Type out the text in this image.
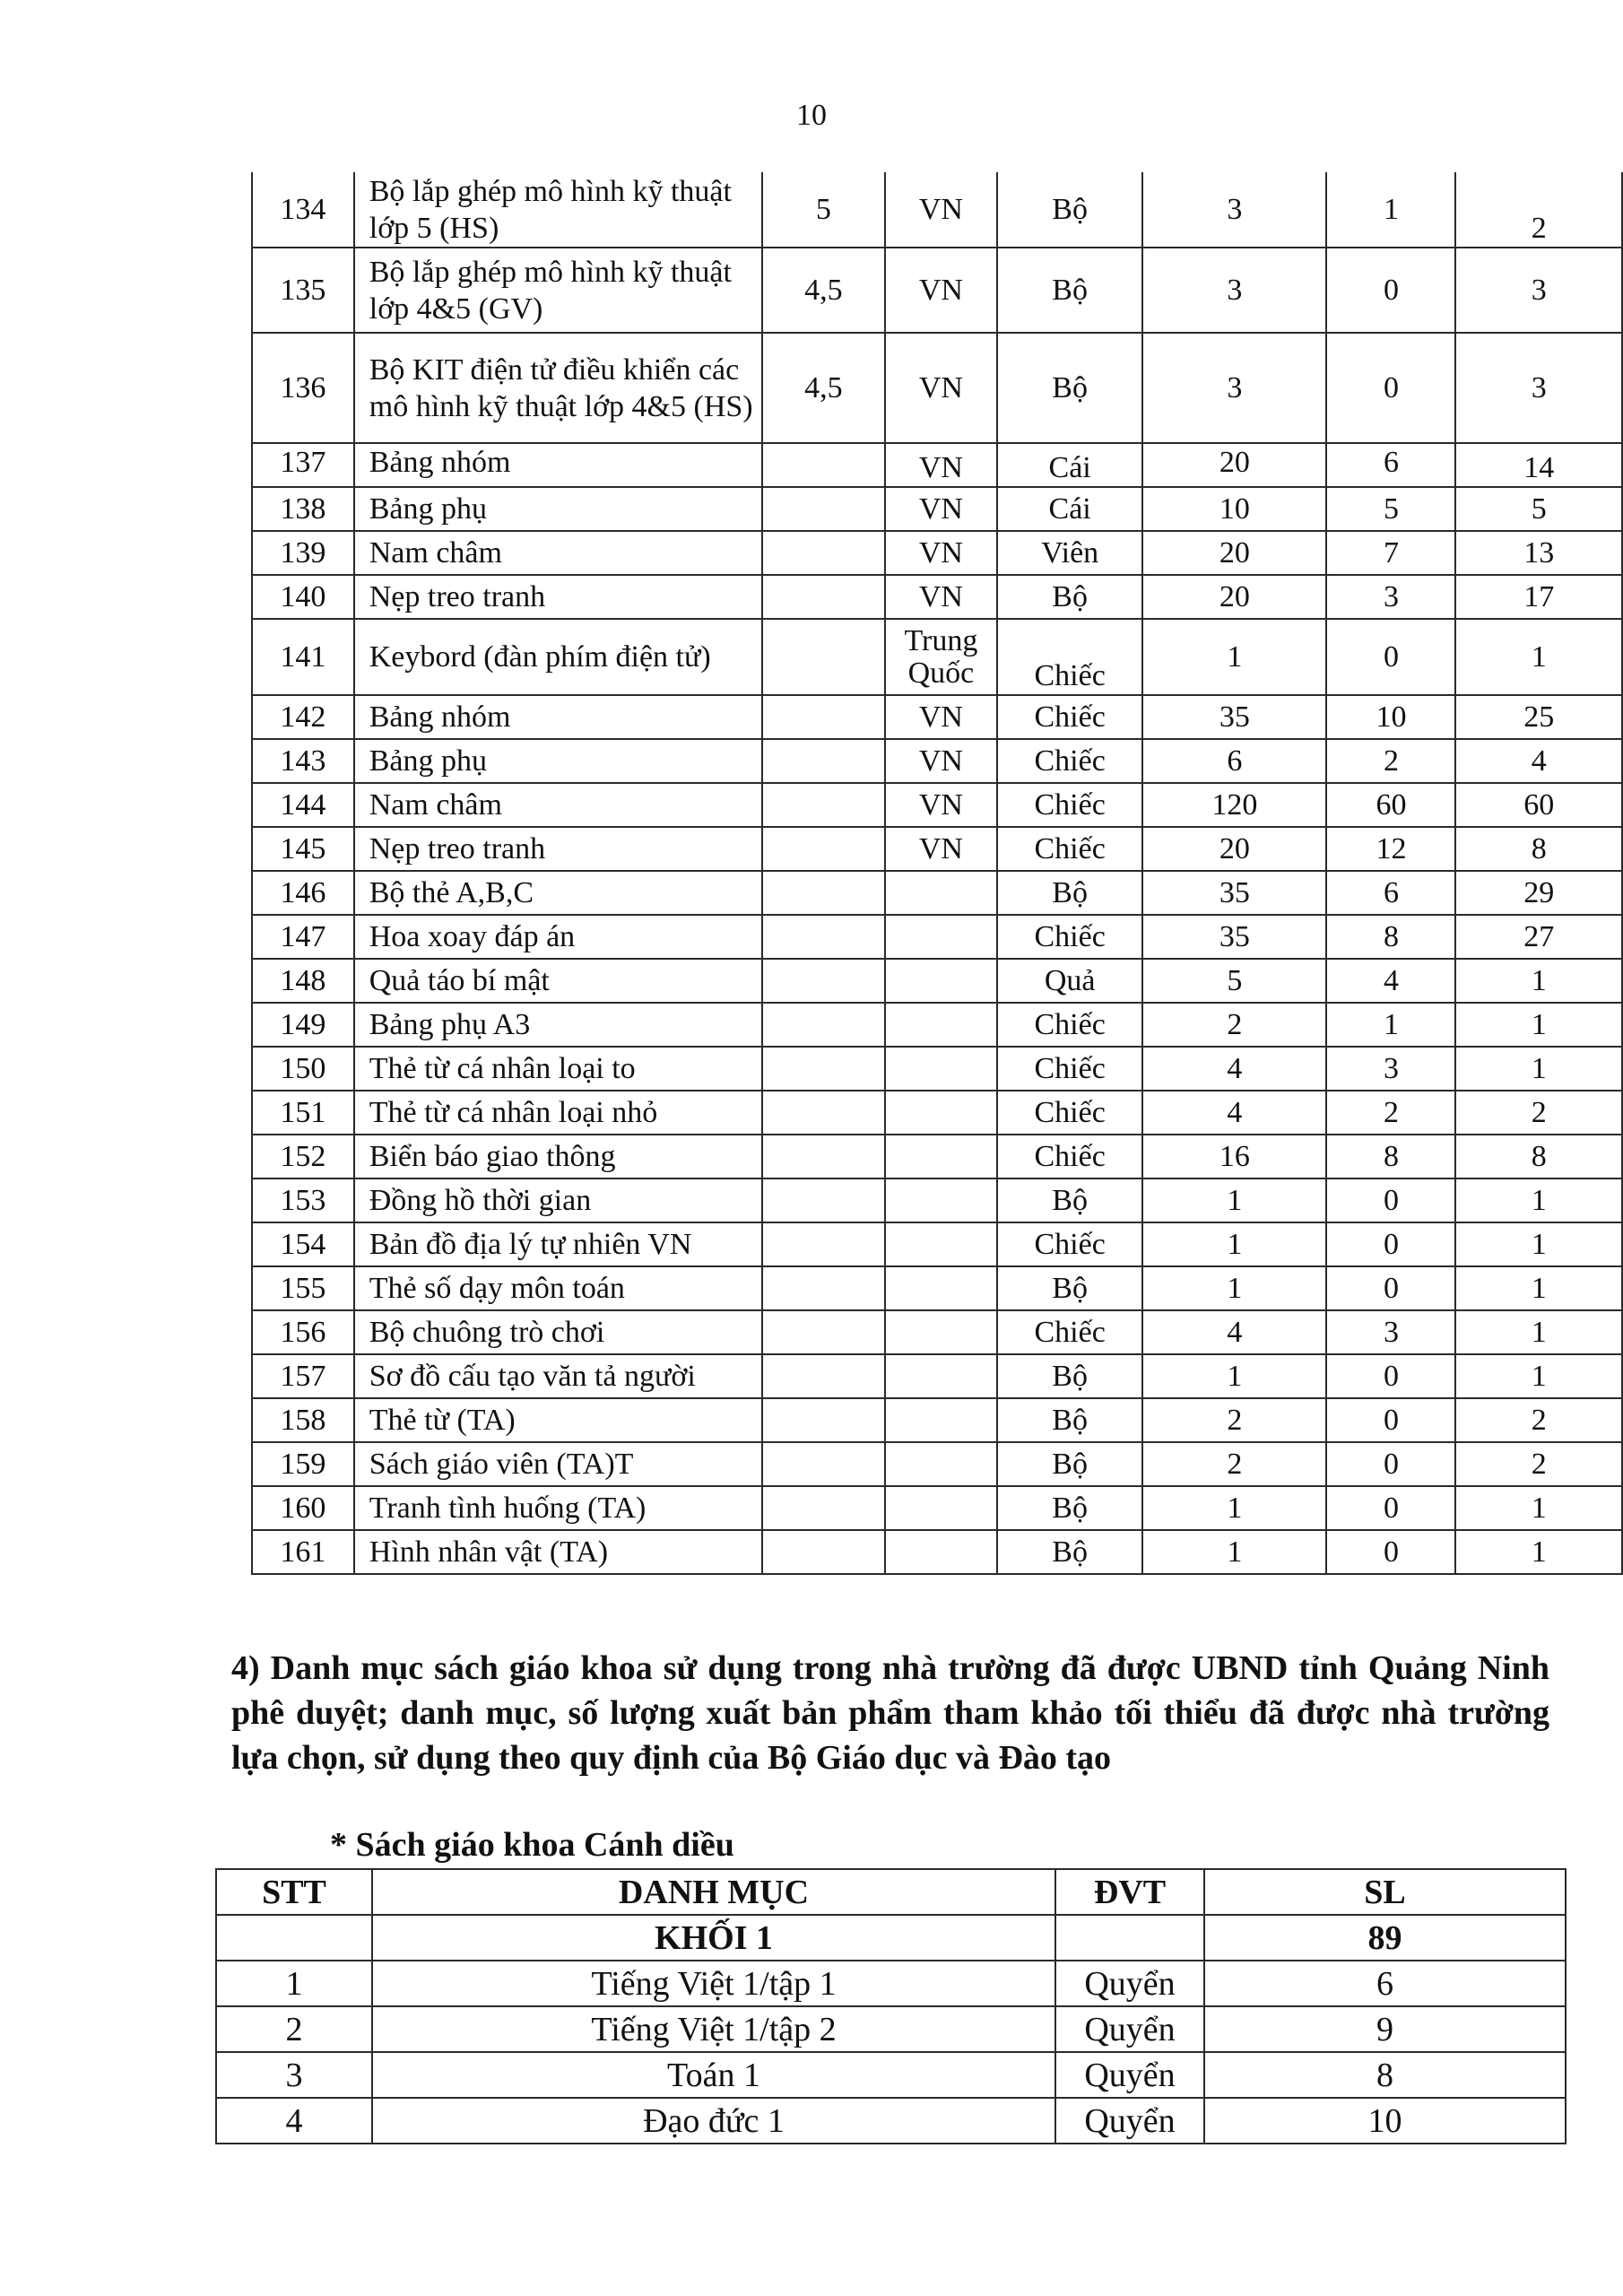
10
134	Bộ lắp ghép mô hình kỹ thuật lớp 5 (HS)	5	VN	Bộ	3	1	2
135	Bộ lắp ghép mô hình kỹ thuật lớp 4&5 (GV)	4,5	VN	Bộ	3	0	3
136	Bộ KIT điện tử điều khiển các mô hình kỹ thuật lớp 4&5 (HS)	4,5	VN	Bộ	3	0	3
137	Bảng nhóm		VN	Cái	20	6	14
138	Bảng phụ		VN	Cái	10	5	5
139	Nam châm		VN	Viên	20	7	13
140	Nẹp treo tranh		VN	Bộ	20	3	17
141	Keybord (đàn phím điện tử)		Trung Quốc	Chiếc	1	0	1
142	Bảng nhóm		VN	Chiếc	35	10	25
143	Bảng phụ		VN	Chiếc	6	2	4
144	Nam châm		VN	Chiếc	120	60	60
145	Nẹp treo tranh		VN	Chiếc	20	12	8
146	Bộ thẻ A,B,C			Bộ	35	6	29
147	Hoa xoay đáp án			Chiếc	35	8	27
148	Quả táo bí mật			Quả	5	4	1
149	Bảng phụ A3			Chiếc	2	1	1
150	Thẻ từ cá nhân loại to			Chiếc	4	3	1
151	Thẻ từ cá nhân loại nhỏ			Chiếc	4	2	2
152	Biển báo giao thông			Chiếc	16	8	8
153	Đồng hồ thời gian			Bộ	1	0	1
154	Bản đồ địa lý tự nhiên VN			Chiếc	1	0	1
155	Thẻ số dạy môn toán			Bộ	1	0	1
156	Bộ chuông trò chơi			Chiếc	4	3	1
157	Sơ đồ cấu tạo văn tả người			Bộ	1	0	1
158	Thẻ từ (TA)			Bộ	2	0	2
159	Sách giáo viên (TA)T			Bộ	2	0	2
160	Tranh tình huống (TA)			Bộ	1	0	1
161	Hình nhân vật (TA)			Bộ	1	0	1
4) Danh mục sách giáo khoa sử dụng trong nhà trường đã được UBND tỉnh Quảng Ninh phê duyệt; danh mục, số lượng xuất bản phẩm tham khảo tối thiểu đã được nhà trường lựa chọn, sử dụng theo quy định của Bộ Giáo dục và Đào tạo
* Sách giáo khoa Cánh diều
STT	DANH MỤC	ĐVT	SL
	KHỐI 1		89
1	Tiếng Việt 1/tập 1	Quyển	6
2	Tiếng Việt 1/tập 2	Quyển	9
3	Toán 1	Quyển	8
4	Đạo đức 1	Quyển	10
